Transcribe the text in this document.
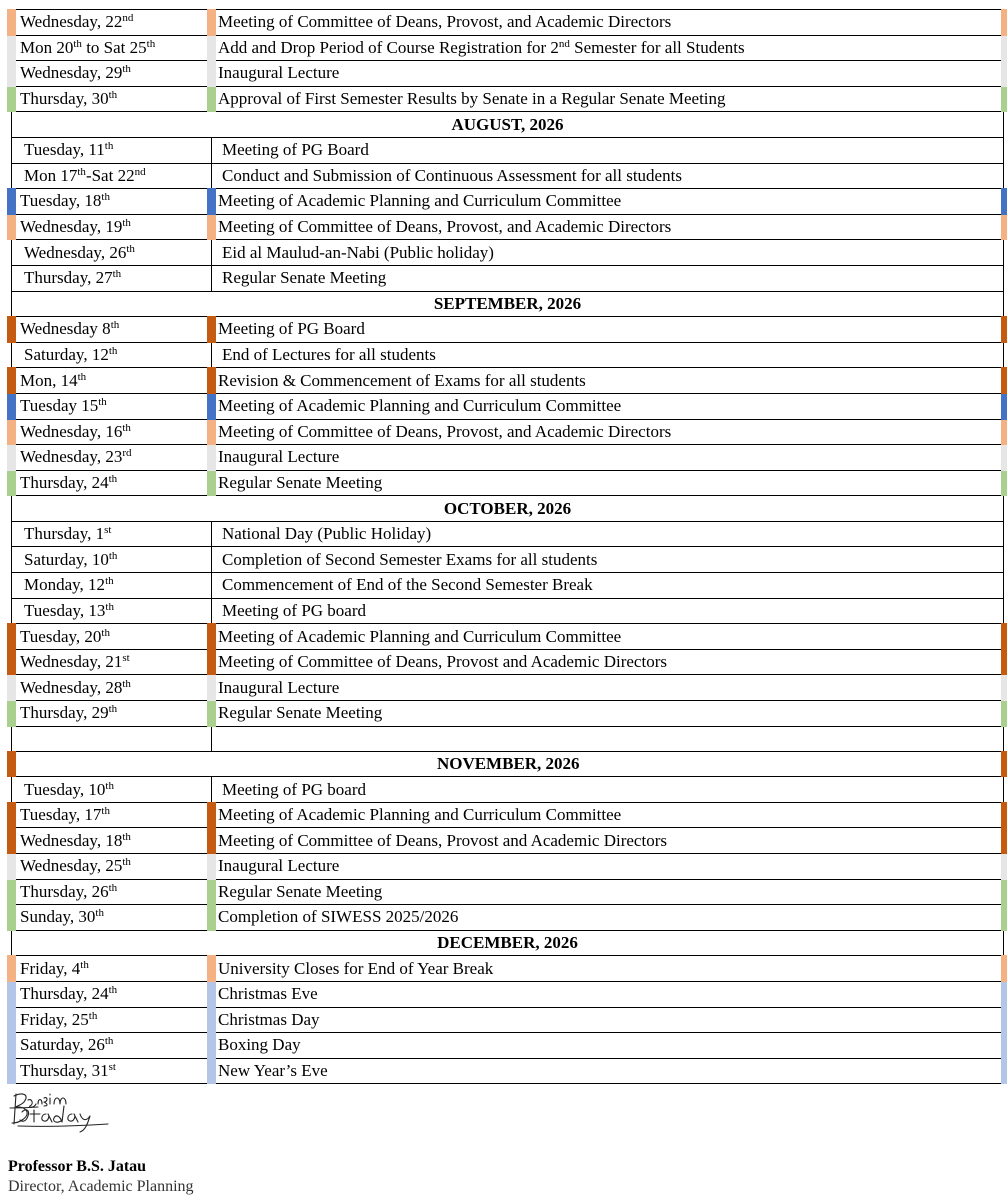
Wednesday, 22nd	Meeting of Committee of Deans, Provost, and Academic Directors
Mon 20th to Sat 25th	Add and Drop Period of Course Registration for 2nd Semester for all Students
Wednesday, 29th	Inaugural Lecture
Thursday, 30th	Approval of First Semester Results by Senate in a Regular Senate Meeting
AUGUST, 2026	
Tuesday, 11th	Meeting of PG Board
Mon 17th-Sat 22nd	Conduct and Submission of Continuous Assessment for all students
Tuesday, 18th	Meeting of Academic Planning and Curriculum Committee
Wednesday, 19th	Meeting of Committee of Deans, Provost, and Academic Directors
Wednesday, 26th	Eid al Maulud-an-Nabi (Public holiday)
Thursday, 27th	Regular Senate Meeting
SEPTEMBER, 2026	
Wednesday 8th	Meeting of PG Board
Saturday, 12th	End of Lectures for all students
Mon, 14th	Revision & Commencement of Exams for all students
Tuesday 15th	Meeting of Academic Planning and Curriculum Committee
Wednesday, 16th	Meeting of Committee of Deans, Provost, and Academic Directors
Wednesday, 23rd	Inaugural Lecture
Thursday, 24th	Regular Senate Meeting
OCTOBER, 2026	
Thursday, 1st	National Day (Public Holiday)
Saturday, 10th	Completion of Second Semester Exams for all students
Monday, 12th	Commencement of End of the Second Semester Break
Tuesday, 13th	Meeting of PG board
Tuesday, 20th	Meeting of Academic Planning and Curriculum Committee
Wednesday, 21st	Meeting of Committee of Deans, Provost and Academic Directors
Wednesday, 28th	Inaugural Lecture
Thursday, 29th	Regular Senate Meeting

NOVEMBER, 2026	
Tuesday, 10th	Meeting of PG board
Tuesday, 17th	Meeting of Academic Planning and Curriculum Committee
Wednesday, 18th	Meeting of Committee of Deans, Provost and Academic Directors
Wednesday, 25th	Inaugural Lecture
Thursday, 26th	Regular Senate Meeting
Sunday, 30th	Completion of SIWESS 2025/2026
DECEMBER, 2026	
Friday, 4th	University Closes for End of Year Break
Thursday, 24th	Christmas Eve
Friday, 25th	Christmas Day
Saturday, 26th	Boxing Day
Thursday, 31st	New Year’s Eve
Professor B.S. Jatau
Director, Academic Planning
